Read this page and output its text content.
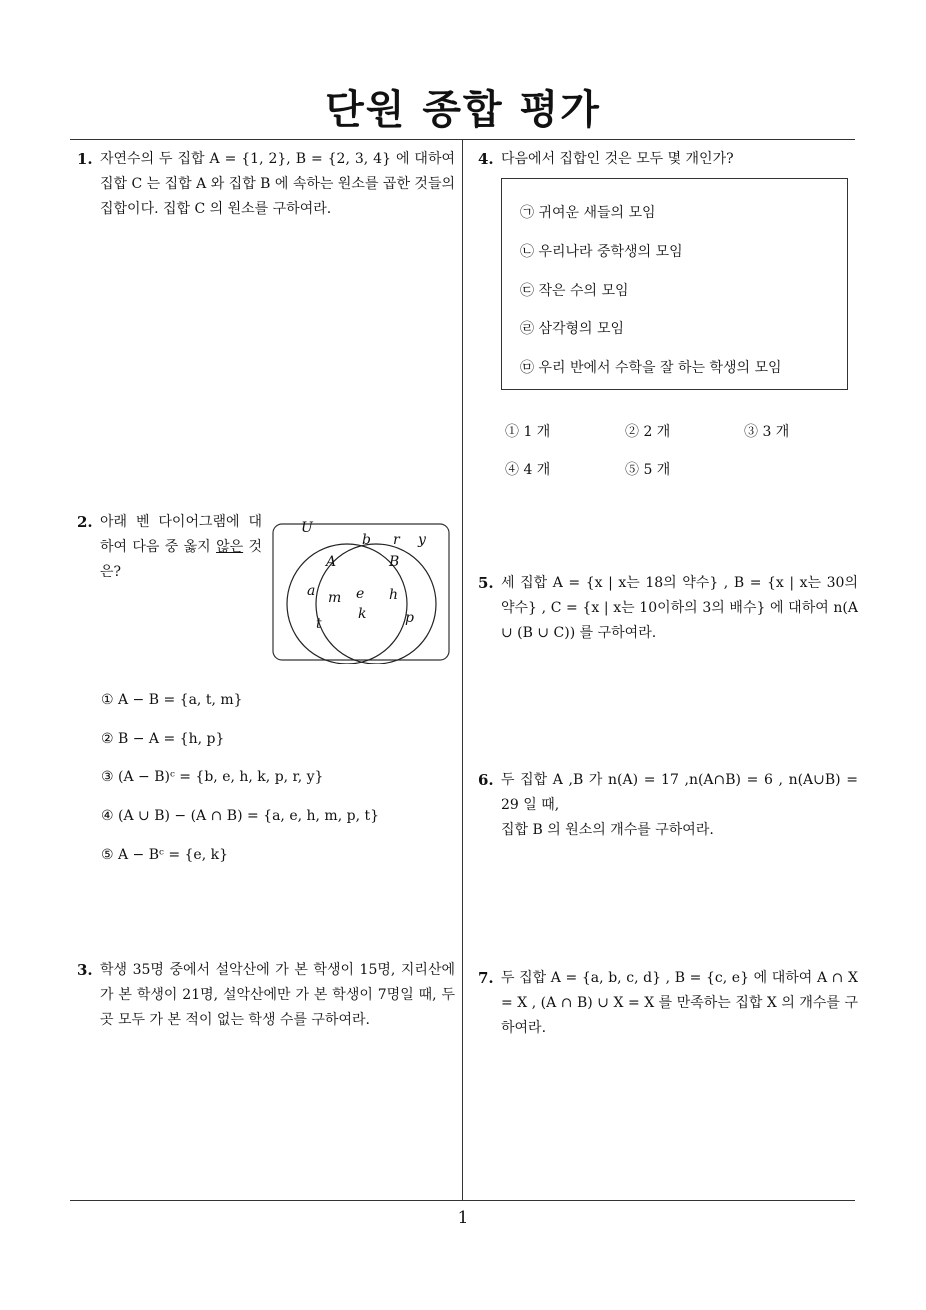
단원 종합 평가
1. 자연수의 두 집합 A = {1, 2}, B = {2, 3, 4} 에 대하여 집합 C 는 집합 A 와 집합 B 에 속하는 원소를 곱한 것들의 집합이다. 집합 C 의 원소를 구하여라.
2. 아래 벤 다이어그램에 대하여 다음 중 옳지 않은 것은?
U
A	B
b r y
a m
t
e
k
h
p
① A − B = {a, t, m}
② B − A = {h, p}
③ (A − B)ᶜ = {b, e, h, k, p, r, y}
④ (A ∪ B) − (A ∩ B) = {a, e, h, m, p, t}
⑤ A − Bᶜ = {e, k}
3. 학생 35명 중에서 설악산에 가 본 학생이 15명, 지리산에 가 본 학생이 21명, 설악산에만 가 본 학생이 7명일 때, 두 곳 모두 가 본 적이 없는 학생 수를 구하여라.
4. 다음에서 집합인 것은 모두 몇 개인가?
㉠ 귀여운 새들의 모임
㉡ 우리나라 중학생의 모임
㉢ 작은 수의 모임
㉣ 삼각형의 모임
㉤ 우리 반에서 수학을 잘 하는 학생의 모임
① 1 개	② 2 개	③ 3 개
④ 4 개	⑤ 5 개
5. 세 집합 A = {x | x는 18의 약수} , B = {x | x는 30의 약수} , C = {x | x는 10이하의 3의 배수} 에 대하여 n(A ∪ (B ∪ C)) 를 구하여라.
6. 두 집합 A ,B 가 n(A) = 17 ,n(A∩B) = 6 , n(A∪B) = 29 일 때,
집합 B 의 원소의 개수를 구하여라.
7. 두 집합 A = {a, b, c, d} , B = {c, e} 에 대하여 A ∩ X = X , (A ∩ B) ∪ X = X 를 만족하는 집합 X 의 개수를 구하여라.
1
